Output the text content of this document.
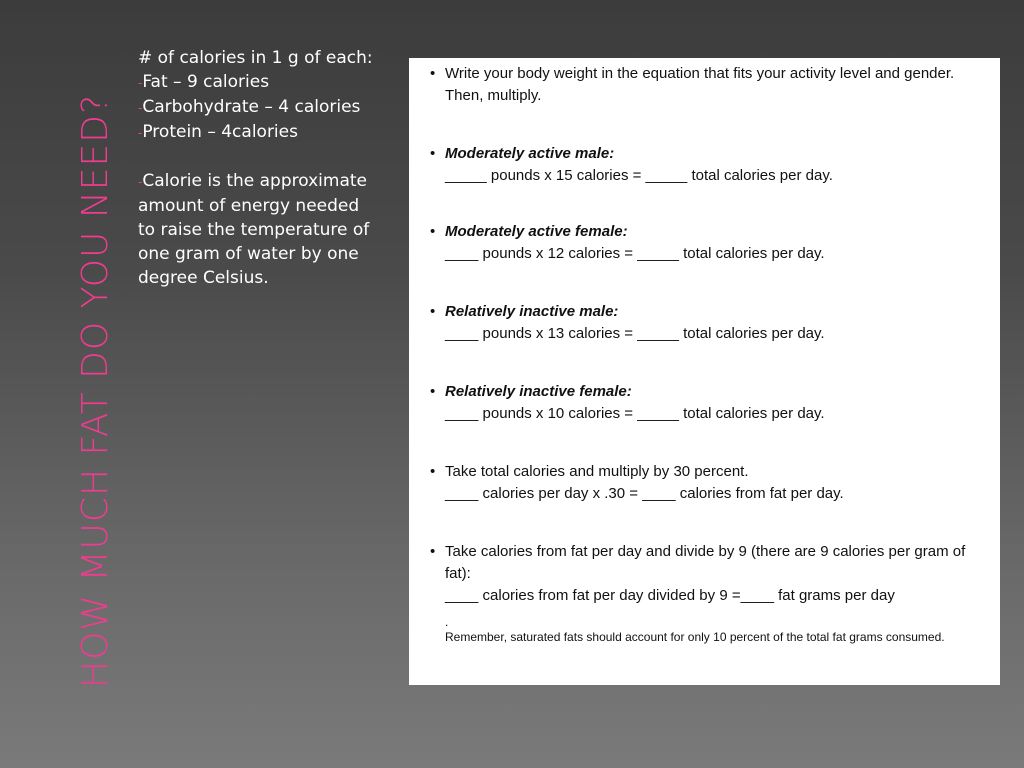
HOW MUCH FAT DO YOU NEED?

# of calories in 1 g of each:

-Fat – 9 calories

-Carbohydrate – 4 calories

-Protein – 4calories

-Calorie is the approximate amount of energy needed to raise the temperature of one gram of water by one degree Celsius.

• Write your body weight in the equation that fits your activity level and gender. Then, multiply.

• Moderately active male:

_____ pounds x 15 calories = _____ total calories per day.

• Moderately active female:

____ pounds x 12 calories = _____ total calories per day.

• Relatively inactive male:

____ pounds x 13 calories = _____ total calories per day.

• Relatively inactive female:

____ pounds x 10 calories = _____ total calories per day.

• Take total calories and multiply by 30 percent.

____ calories per day x .30 = ____ calories from fat per day.

• Take calories from fat per day and divide by 9 (there are 9 calories per gram of fat):

____ calories from fat per day divided by 9 =____ fat grams per day

.

Remember, saturated fats should account for only 10 percent of the total fat grams consumed.
